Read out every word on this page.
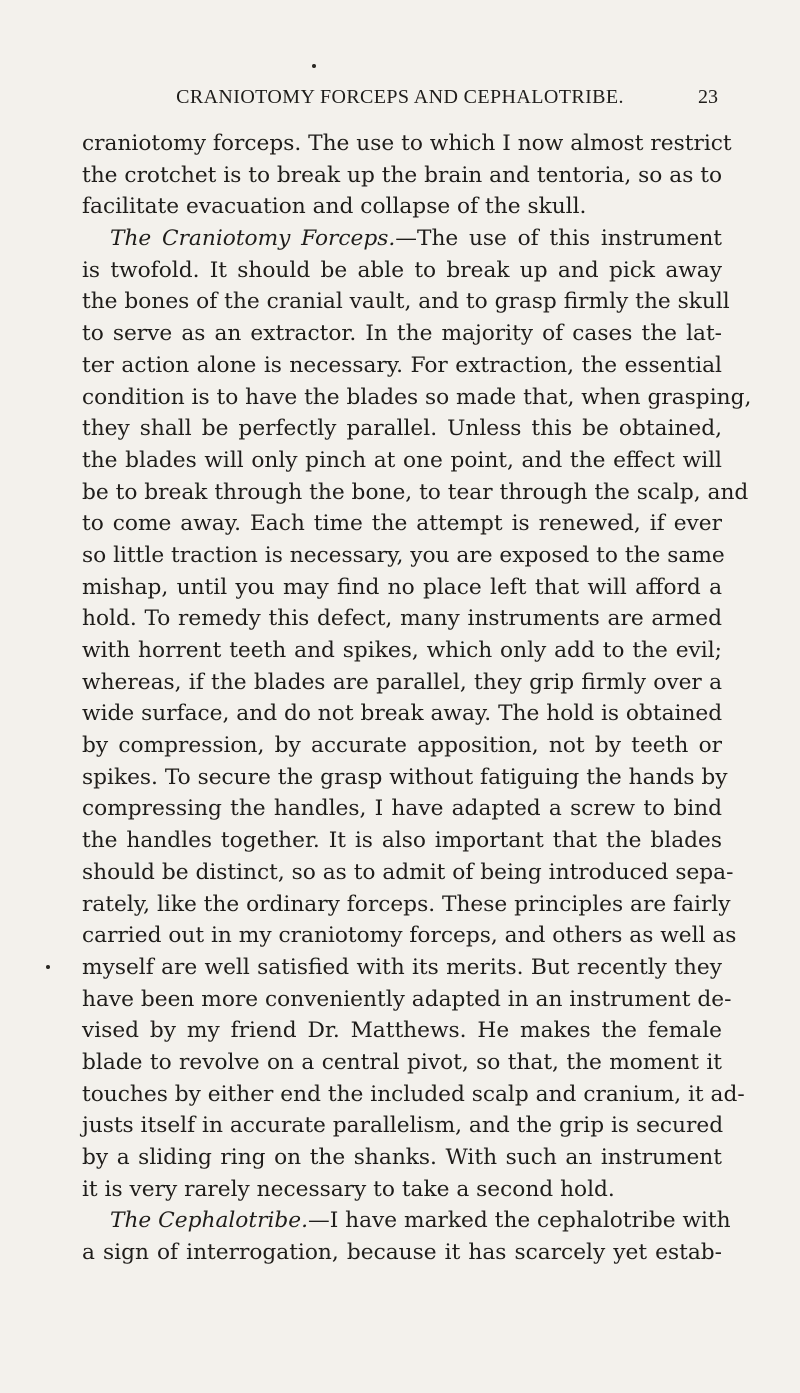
CRANIOTOMY FORCEPS AND CEPHALOTRIBE.	23
craniotomy forceps. The use to which I now almost restrict
the crotchet is to break up the brain and tentoria, so as to
facilitate evacuation and collapse of the skull.
The Craniotomy Forceps.—The use of this instrument
is twofold. It should be able to break up and pick away
the bones of the cranial vault, and to grasp firmly the skull
to serve as an extractor. In the majority of cases the lat-
ter action alone is necessary. For extraction, the essential
condition is to have the blades so made that, when grasping,
they shall be perfectly parallel. Unless this be obtained,
the blades will only pinch at one point, and the effect will
be to break through the bone, to tear through the scalp, and
to come away. Each time the attempt is renewed, if ever
so little traction is necessary, you are exposed to the same
mishap, until you may find no place left that will afford a
hold. To remedy this defect, many instruments are armed
with horrent teeth and spikes, which only add to the evil;
whereas, if the blades are parallel, they grip firmly over a
wide surface, and do not break away. The hold is obtained
by compression, by accurate apposition, not by teeth or
spikes. To secure the grasp without fatiguing the hands by
compressing the handles, I have adapted a screw to bind
the handles together. It is also important that the blades
should be distinct, so as to admit of being introduced sepa-
rately, like the ordinary forceps. These principles are fairly
carried out in my craniotomy forceps, and others as well as
myself are well satisfied with its merits. But recently they
have been more conveniently adapted in an instrument de-
vised by my friend Dr. Matthews. He makes the female
blade to revolve on a central pivot, so that, the moment it
touches by either end the included scalp and cranium, it ad-
justs itself in accurate parallelism, and the grip is secured
by a sliding ring on the shanks. With such an instrument
it is very rarely necessary to take a second hold.
The Cephalotribe.—I have marked the cephalotribe with
a sign of interrogation, because it has scarcely yet estab-
